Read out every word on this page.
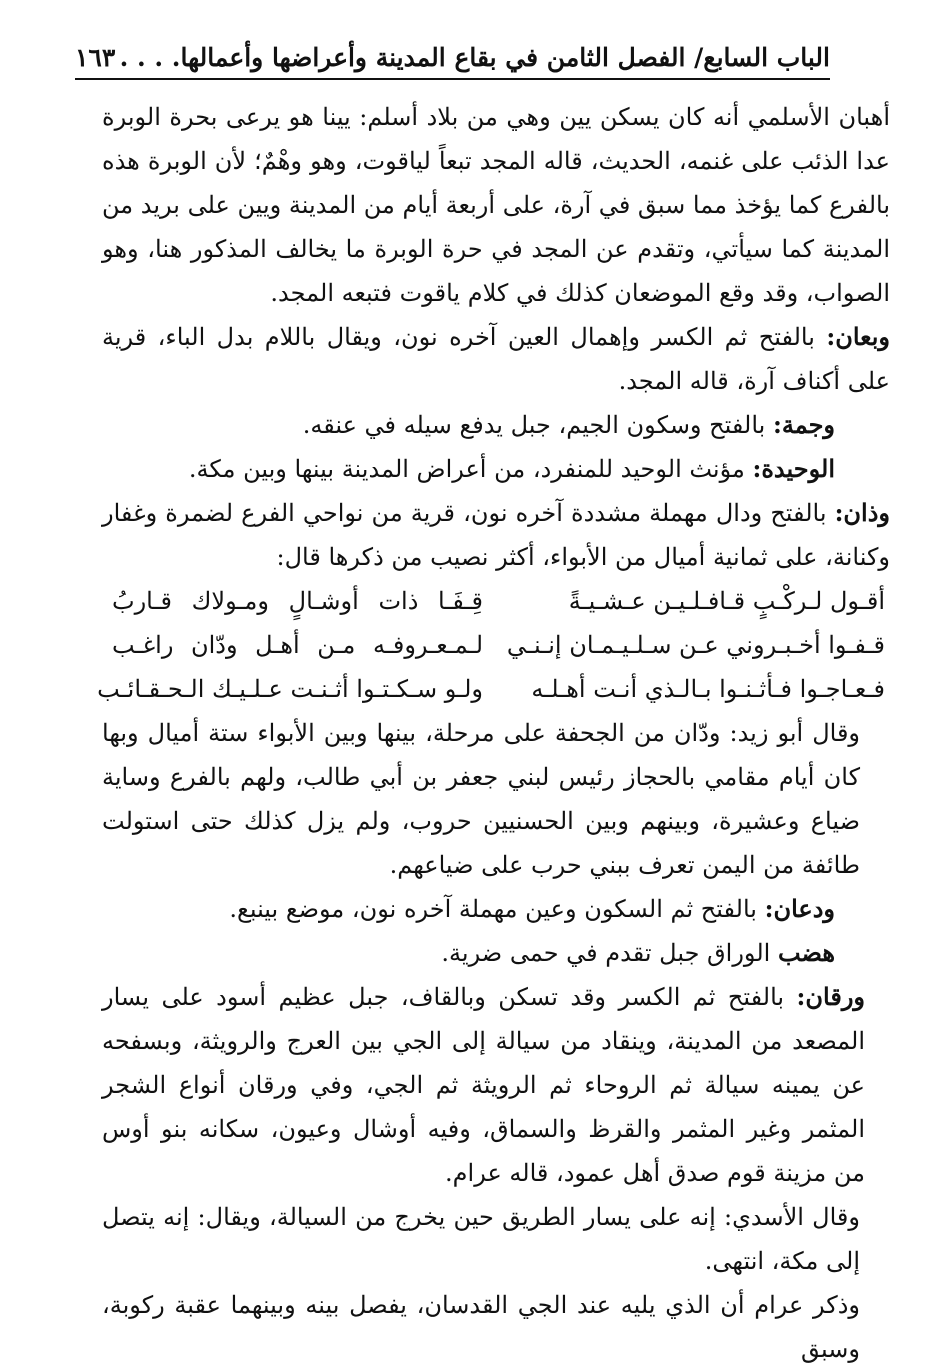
الباب السابع/ الفصل الثامن في بقاع المدينة وأعراضها وأعمالها. . . .
١٦٣

أهبان الأسلمي أنه كان يسكن يين وهي من بلاد أسلم: يينا هو يرعى بحرة الوبرة عدا الذئب على غنمه، الحديث، قاله المجد تبعاً لياقوت، وهو وهْمٌ؛ لأن الوبرة هذه بالفرع كما يؤخذ مما سبق في آرة، على أربعة أيام من المدينة ويين على بريد من المدينة كما سيأتي، وتقدم عن المجد في حرة الوبرة ما يخالف المذكور هنا، وهو الصواب، وقد وقع الموضعان كذلك في كلام ياقوت فتبعه المجد.

وبعان: بالفتح ثم الكسر وإهمال العين آخره نون، ويقال باللام بدل الباء، قرية على أكناف آرة، قاله المجد.

وجمة: بالفتح وسكون الجيم، جبل يدفع سيله في عنقه.

الوحيدة: مؤنث الوحيد للمنفرد، من أعراض المدينة بينها وبين مكة.

وذان: بالفتح ودال مهملة مشددة آخره نون، قرية من نواحي الفرع لضمرة وغفار وكنانة، على ثمانية أميال من الأبواء، أكثر نصيب من ذكرها قال:

أقـول لـركْـبٍ قـافـلـيـن عـشـيـةً
قِـفَـا ذات أوشـالٍ ومـولاك قـاربُ
قـفـوا أخـبـروني عـن سـلـيـمـان إنـنـي
لـمـعـروفـه مـن أهـل ودّان راغـب
فـعـاجـوا فـأثـنـوا بـالـذي أنـت أهـلـه
ولـو سـكـتـوا أثـنـت عـلـيـك الـحـقـائـب

وقال أبو زيد: ودّان من الجحفة على مرحلة، بينها وبين الأبواء ستة أميال وبها كان أيام مقامي بالحجاز رئيس لبني جعفر بن أبي طالب، ولهم بالفرع وساية ضياع وعشيرة، وبينهم وبين الحسنيين حروب، ولم يزل كذلك حتى استولت طائفة من اليمن تعرف ببني حرب على ضياعهم.

ودعان: بالفتح ثم السكون وعين مهملة آخره نون، موضع بينبع.

هضب الوراق جبل تقدم في حمى ضرية.

ورقان: بالفتح ثم الكسر وقد تسكن وبالقاف، جبل عظيم أسود على يسار المصعد من المدينة، وينقاد من سيالة إلى الجي بين العرج والرويثة، وبسفحه عن يمينه سيالة ثم الروحاء ثم الرويثة ثم الجي، وفي ورقان أنواع الشجر المثمر وغير المثمر والقرظ والسماق، وفيه أوشال وعيون، سكانه بنو أوس من مزينة قوم صدق أهل عمود، قاله عرام.

وقال الأسدي: إنه على يسار الطريق حين يخرج من السيالة، ويقال: إنه يتصل إلى مكة، انتهى.

وذكر عرام أن الذي يليه عند الجي القدسان، يفصل بينه وبينهما عقبة ركوبة، وسبق
